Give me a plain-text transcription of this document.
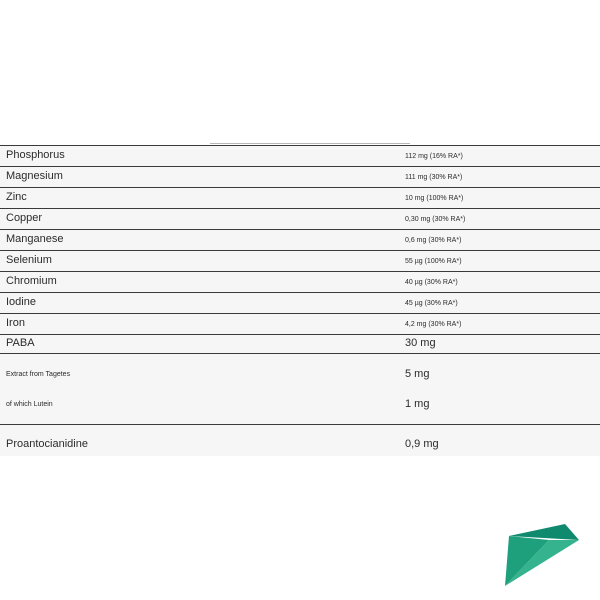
Phosphorus	112 mg (16% RA*)
Magnesium	111 mg (30% RA*)
Zinc	10 mg (100% RA*)
Copper	0,30 mg (30% RA*)
Manganese	0,6 mg (30% RA*)
Selenium	55 µg (100% RA*)
Chromium	40 µg (30% RA*)
Iodine	45 µg (30% RA*)
Iron	4,2 mg (30% RA*)
PABA	30 mg
Extract from Tagetes	5 mg
of which Lutein	1 mg
Proantocianidine	0,9 mg
